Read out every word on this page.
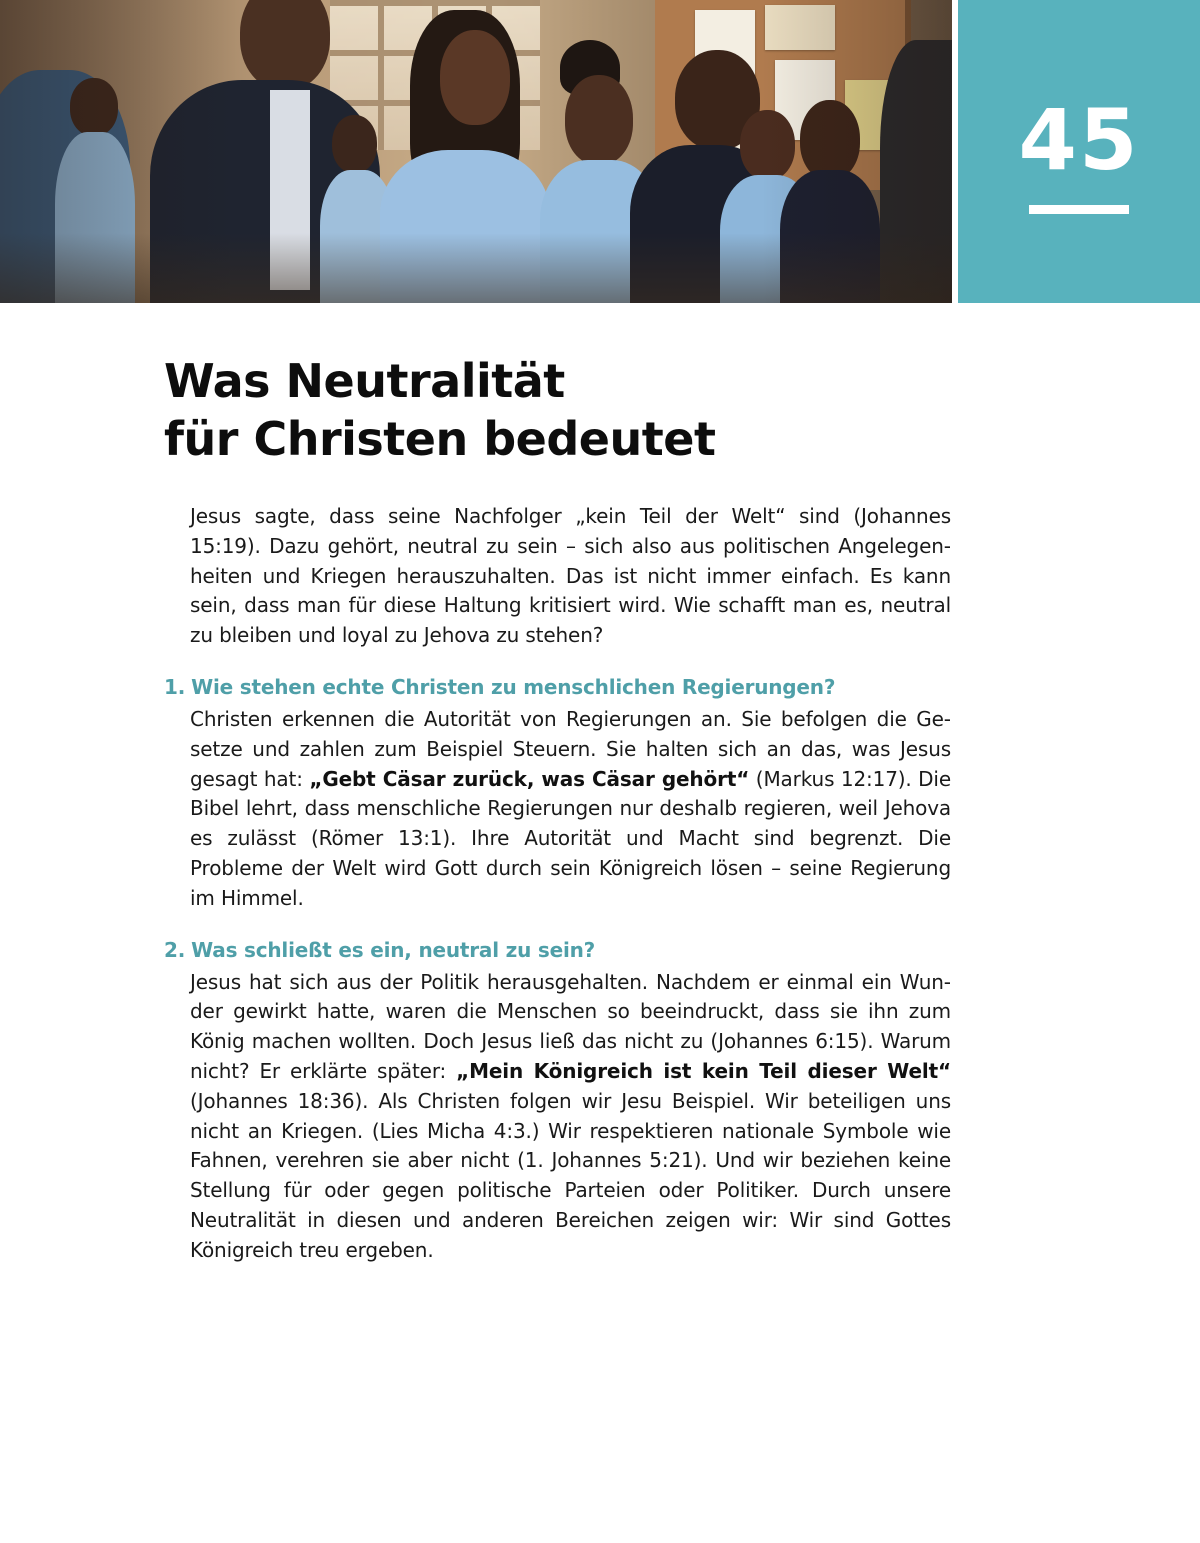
45
Was Neutralität
für Christen bedeutet

Jesus sagte, dass seine Nachfolger „kein Teil der Welt“ sind (Johannes 15:19). Dazu gehört, neutral zu sein – sich also aus politischen Angelegenheiten und Kriegen herauszuhalten. Das ist nicht immer einfach. Es kann sein, dass man für diese Haltung kritisiert wird. Wie schafft man es, neutral zu bleiben und loyal zu Jehova zu stehen?

1. Wie stehen echte Christen zu menschlichen Regierungen?

Christen erkennen die Autorität von Regierungen an. Sie befolgen die Gesetze und zahlen zum Beispiel Steuern. Sie halten sich an das, was Jesus gesagt hat: „Gebt Cäsar zurück, was Cäsar gehört“ (Markus 12:17). Die Bibel lehrt, dass menschliche Regierungen nur deshalb regieren, weil Jehova es zulässt (Römer 13:1). Ihre Autorität und Macht sind begrenzt. Die Probleme der Welt wird Gott durch sein Königreich lösen – seine Regierung im Himmel.

2. Was schließt es ein, neutral zu sein?

Jesus hat sich aus der Politik herausgehalten. Nachdem er einmal ein Wunder gewirkt hatte, waren die Menschen so beeindruckt, dass sie ihn zum König machen wollten. Doch Jesus ließ das nicht zu (Johannes 6:15). Warum nicht? Er erklärte später: „Mein Königreich ist kein Teil dieser Welt“ (Johannes 18:36). Als Christen folgen wir Jesu Beispiel. Wir beteiligen uns nicht an Kriegen. (Lies Micha 4:3.) Wir respektieren nationale Symbole wie Fahnen, verehren sie aber nicht (1. Johannes 5:21). Und wir beziehen keine Stellung für oder gegen politische Parteien oder Politiker. Durch unsere Neutralität in diesen und anderen Bereichen zeigen wir: Wir sind Gottes Königreich treu ergeben.
